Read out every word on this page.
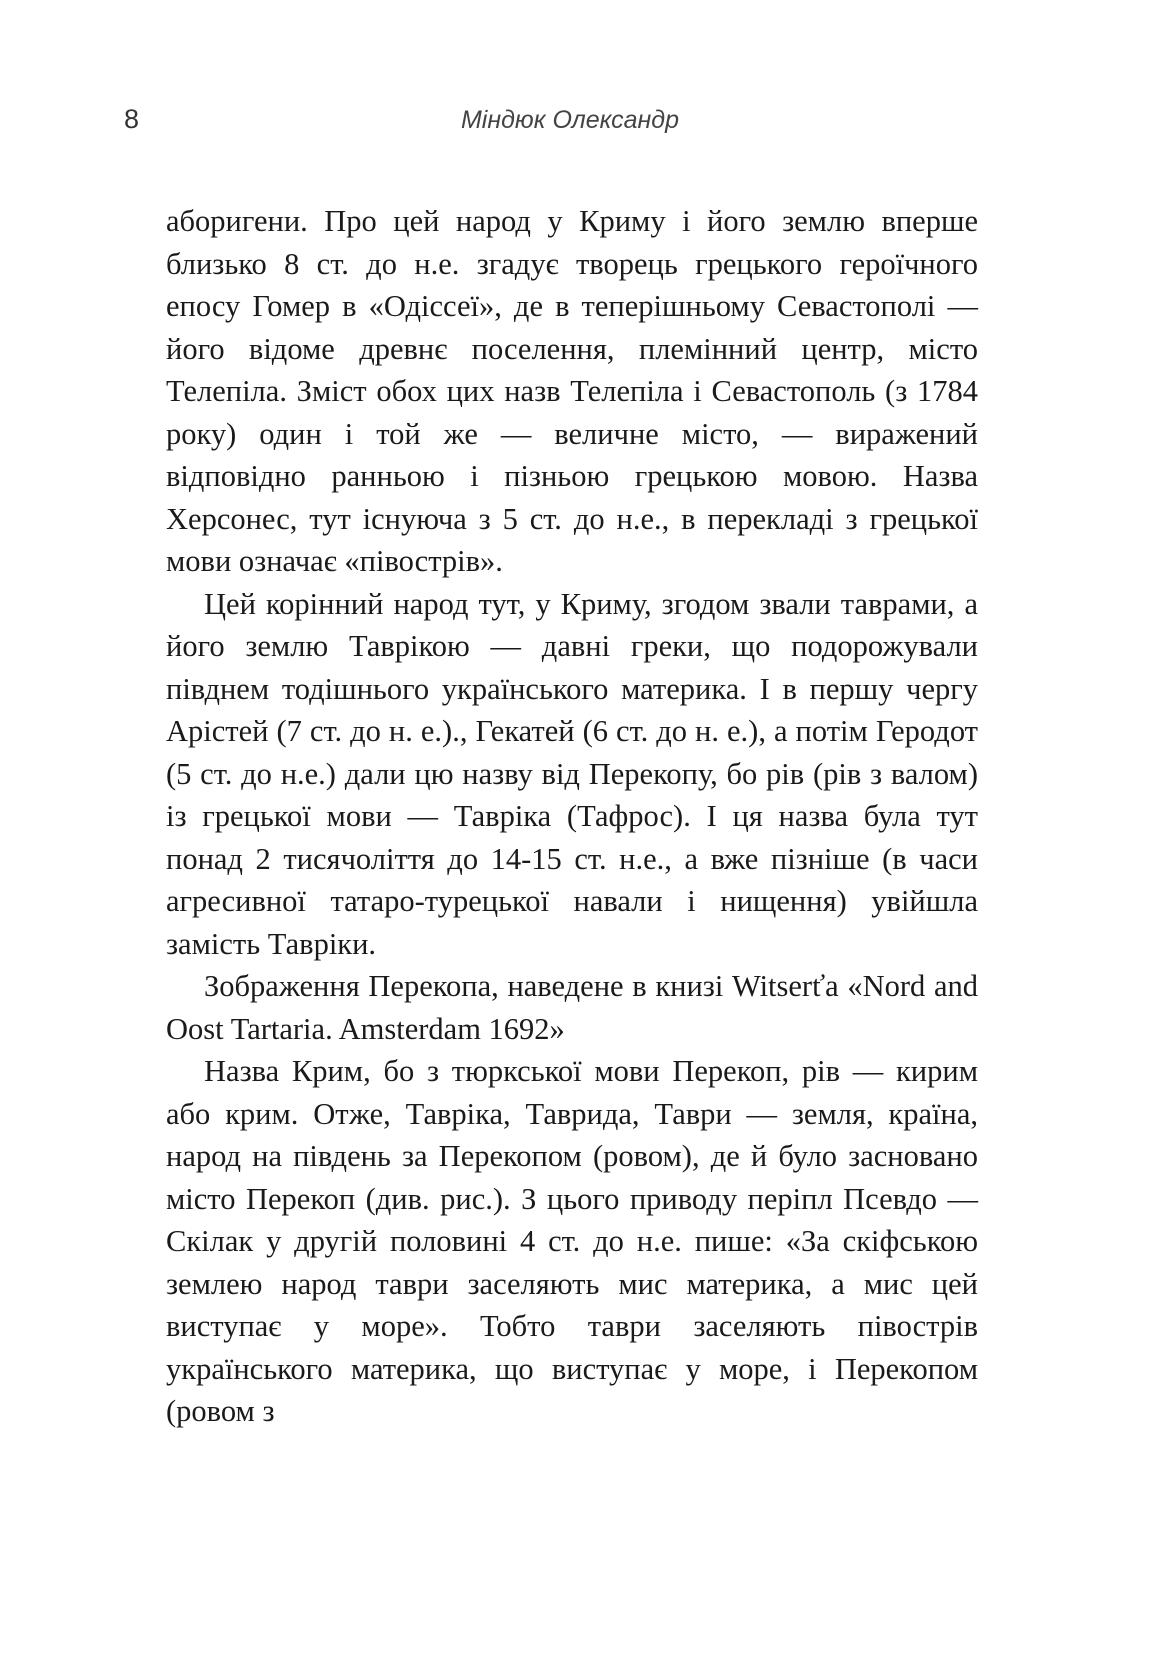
8	Міндюк Олександр

аборигени. Про цей народ у Криму і його землю вперше близько 8 ст. до н.е. згадує творець грецького героїчного епосу Гомер в «Одіссеї», де в теперішньому Севастополі — його відоме древнє поселення, племінний центр, місто Телепіла. Зміст обох цих назв Телепіла і Севастополь (з 1784 року) один і той же — величне місто, — виражений відповідно ранньою і пізньою грецькою мовою. Назва Херсонес, тут існуюча з 5 ст. до н.е., в перекладі з грецької мови означає «півострів».

Цей корінний народ тут, у Криму, згодом звали таврами, а його землю Таврікою — давні греки, що подорожували півднем тодішнього українського материка. І в першу чергу Арістей (7 ст. до н. е.)., Гекатей (6 ст. до н. е.), а потім Геродот (5 ст. до н.е.) дали цю назву від Перекопу, бо рів (рів з валом) із грецької мови — Тавріка (Тафрос). І ця назва була тут понад 2 тисячоліття до 14-15 ст. н.е., а вже пізніше (в часи агресивної татаро-турецької навали і нищення) увійшла замість Тавріки.

Зображення Перекопа, наведене в книзі Witserťa «Nord and Oost Tartaria. Amsterdam 1692»

Назва Крим, бо з тюркської мови Перекоп, рів — кирим або крим. Отже, Тавріка, Таврида, Таври — земля, країна, народ на південь за Перекопом (ровом), де й було засновано місто Перекоп (див. рис.). З цього приводу періпл Псевдо — Скілак у другій половині 4 ст. до н.е. пише: «За скіфською землею народ таври заселяють мис материка, а мис цей виступає у море». Тобто таври заселяють півострів українського материка, що виступає у море, і Перекопом (ровом з
